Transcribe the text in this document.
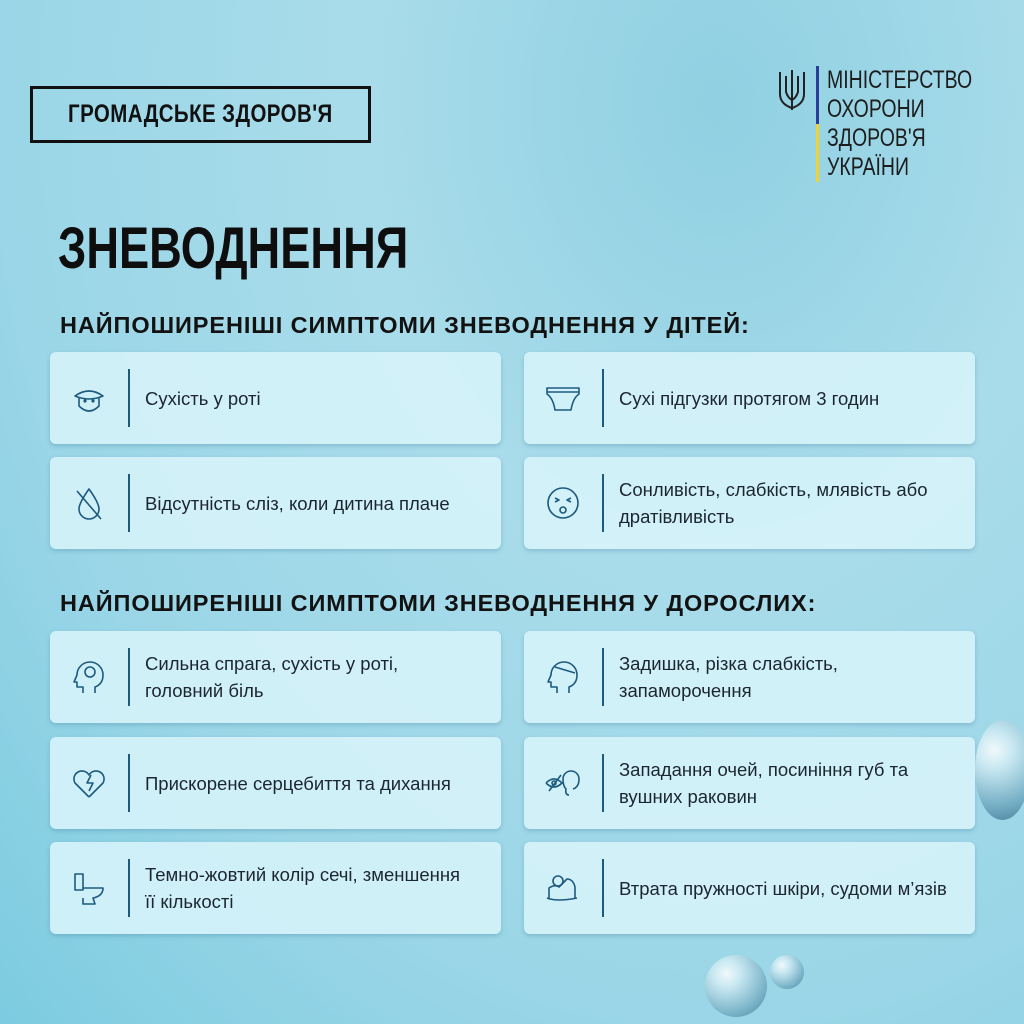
ГРОМАДСЬКЕ ЗДОРОВ'Я
МІНІСТЕРСТВО
ОХОРОНИ
ЗДОРОВ'Я
УКРАЇНИ
ЗНЕВОДНЕННЯ
НАЙПОШИРЕНІШІ СИМПТОМИ ЗНЕВОДНЕННЯ У ДІТЕЙ:
НАЙПОШИРЕНІШІ СИМПТОМИ ЗНЕВОДНЕННЯ У ДОРОСЛИХ:
Сухість у роті	Сухі підгузки протягом 3 годин
Відсутність сліз, коли дитина плаче
Сонливість, слабкість, млявість або дратівливість
Сильна спрага, сухість у роті, головний біль
Задишка, різка слабкість, запаморочення
Прискорене серцебиття та дихання
Западання очей, посиніння губ та вушних раковин
Темно-жовтий колір сечі, зменшення її кількості
Втрата пружності шкіри, судоми м’язів
